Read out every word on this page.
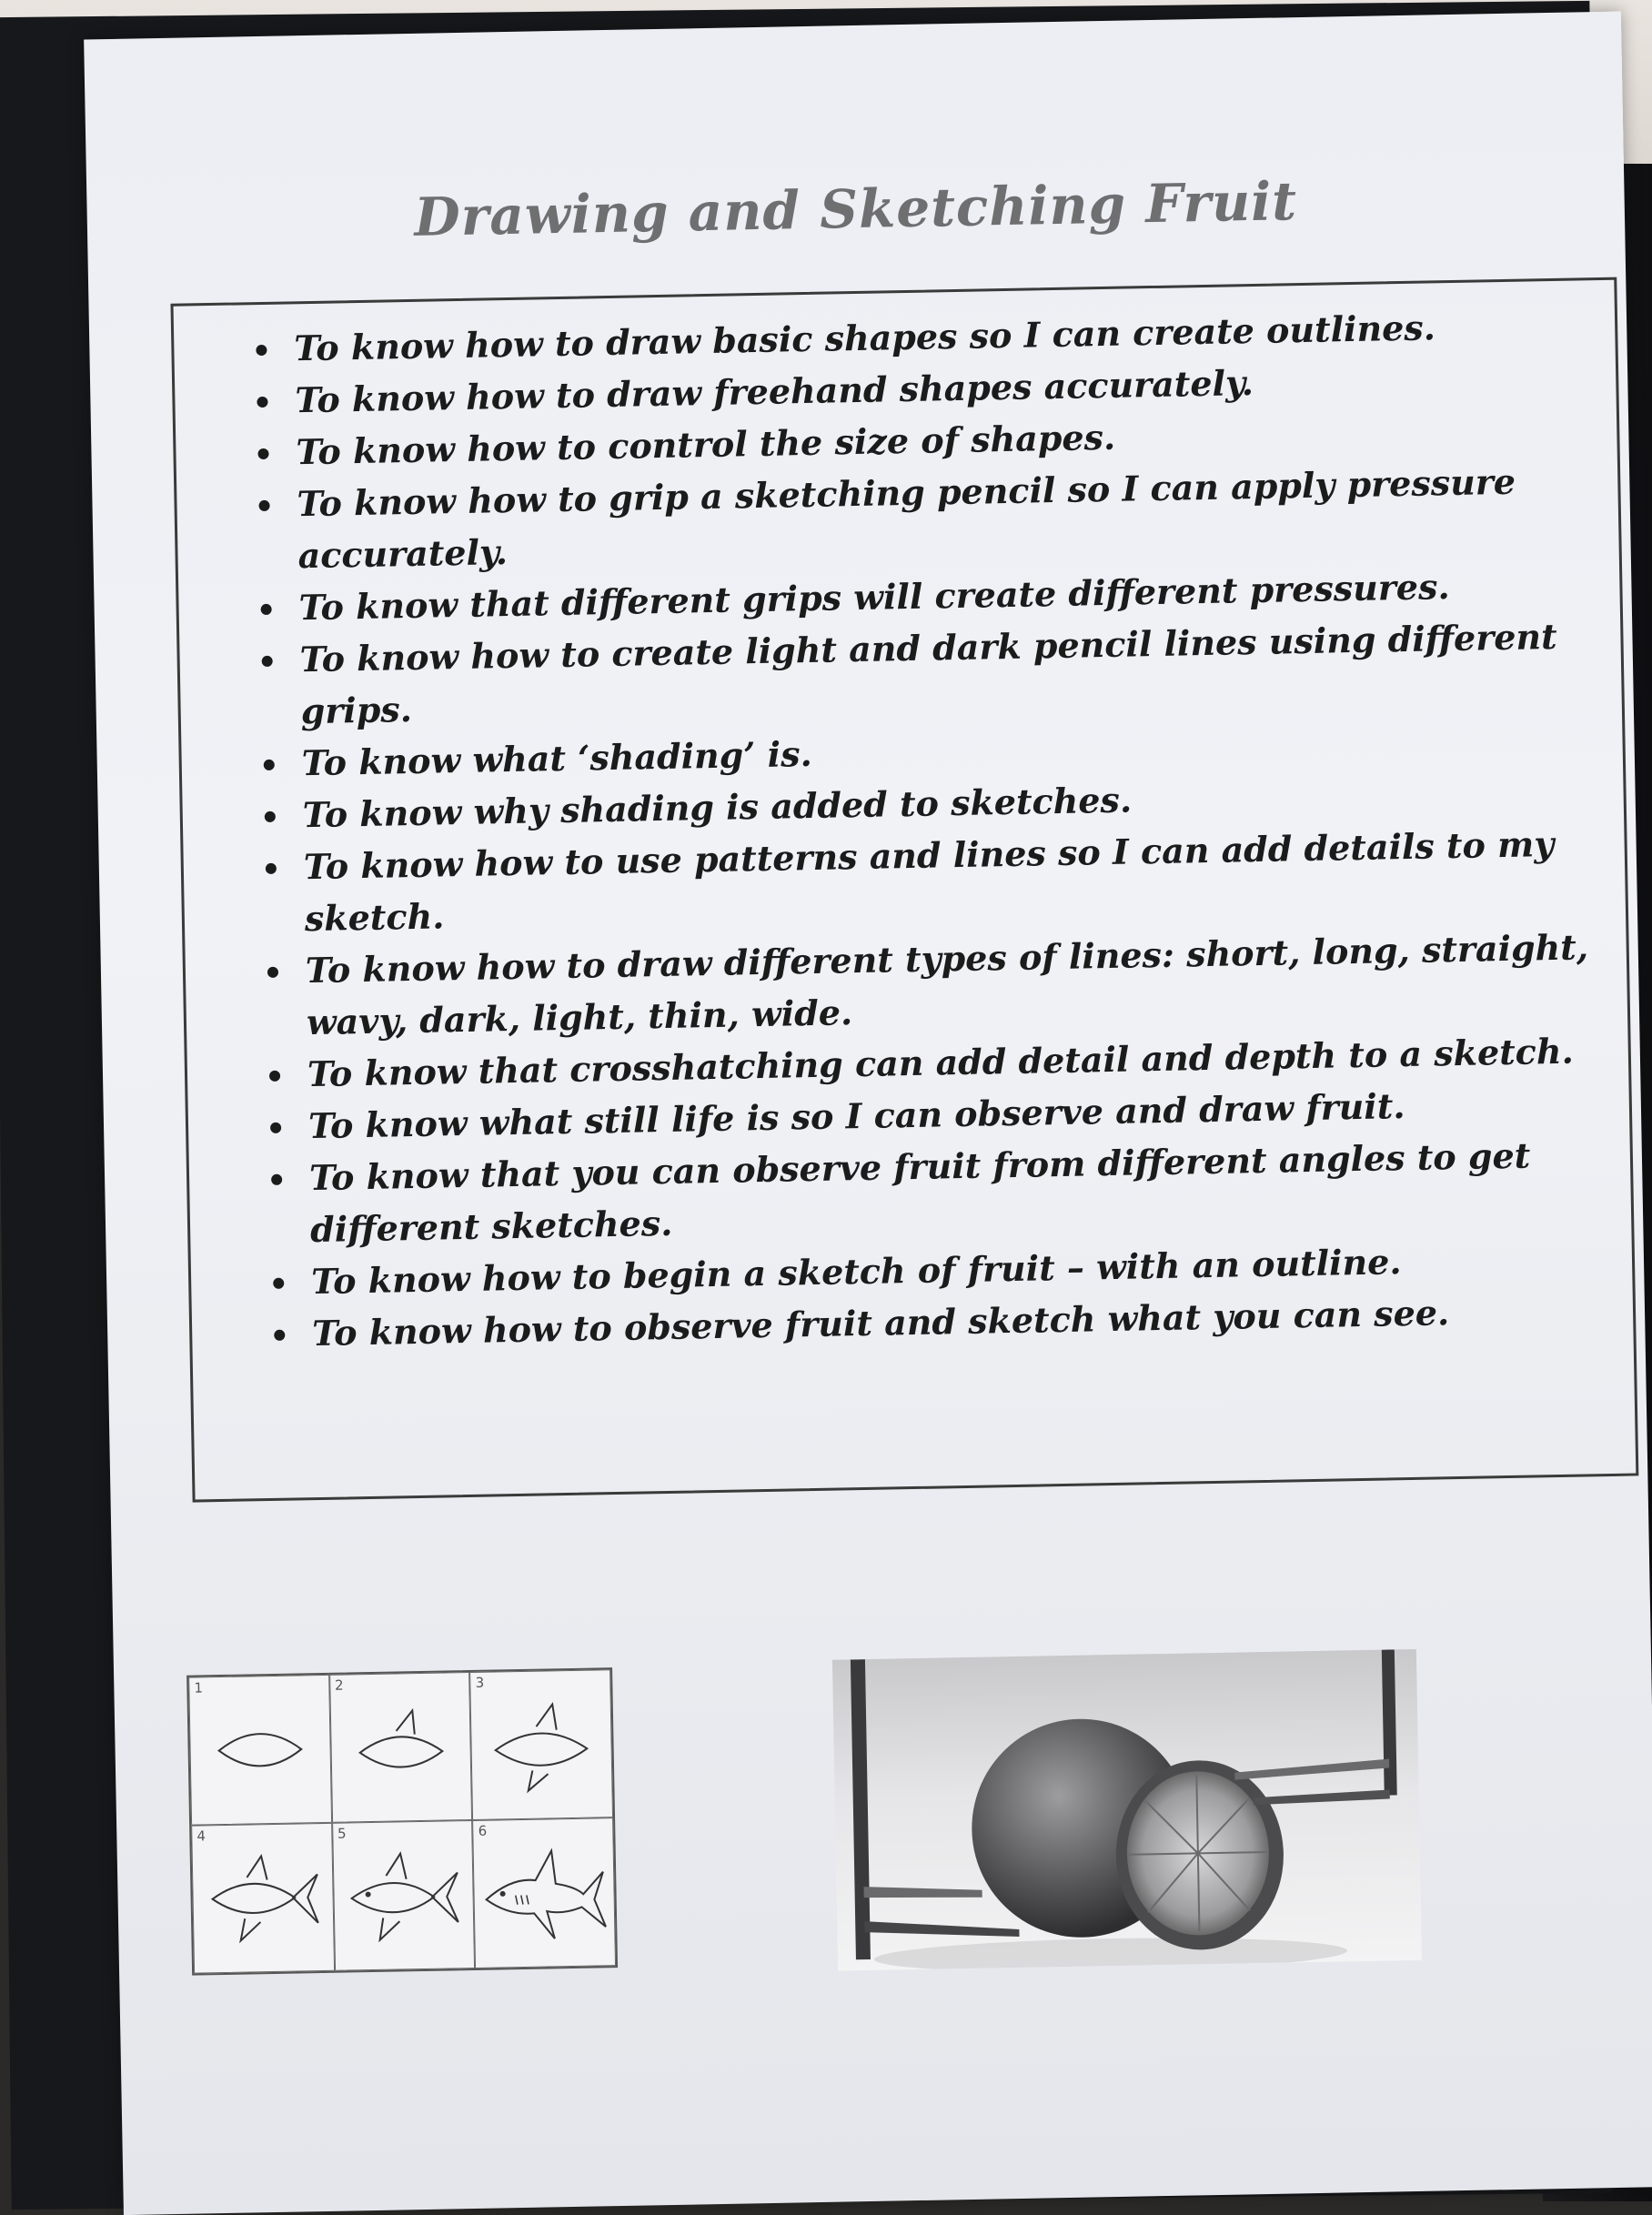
Drawing and Sketching Fruit
To know how to draw basic shapes so I can create outlines.
To know how to draw freehand shapes accurately.
To know how to control the size of shapes.
To know how to grip a sketching pencil so I can apply pressure accurately.
To know that different grips will create different pressures.
To know how to create light and dark pencil lines using different grips.
To know what ‘shading’ is.
To know why shading is added to sketches.
To know how to use patterns and lines so I can add details to my sketch.
To know how to draw different types of lines: short, long, straight, wavy, dark, light, thin, wide.
To know that crosshatching can add detail and depth to a sketch.
To know what still life is so I can observe and draw fruit.
To know that you can observe fruit from different angles to get different sketches.
To know how to begin a sketch of fruit – with an outline.
To know how to observe fruit and sketch what you can see.
1	2	3
4	5	6
